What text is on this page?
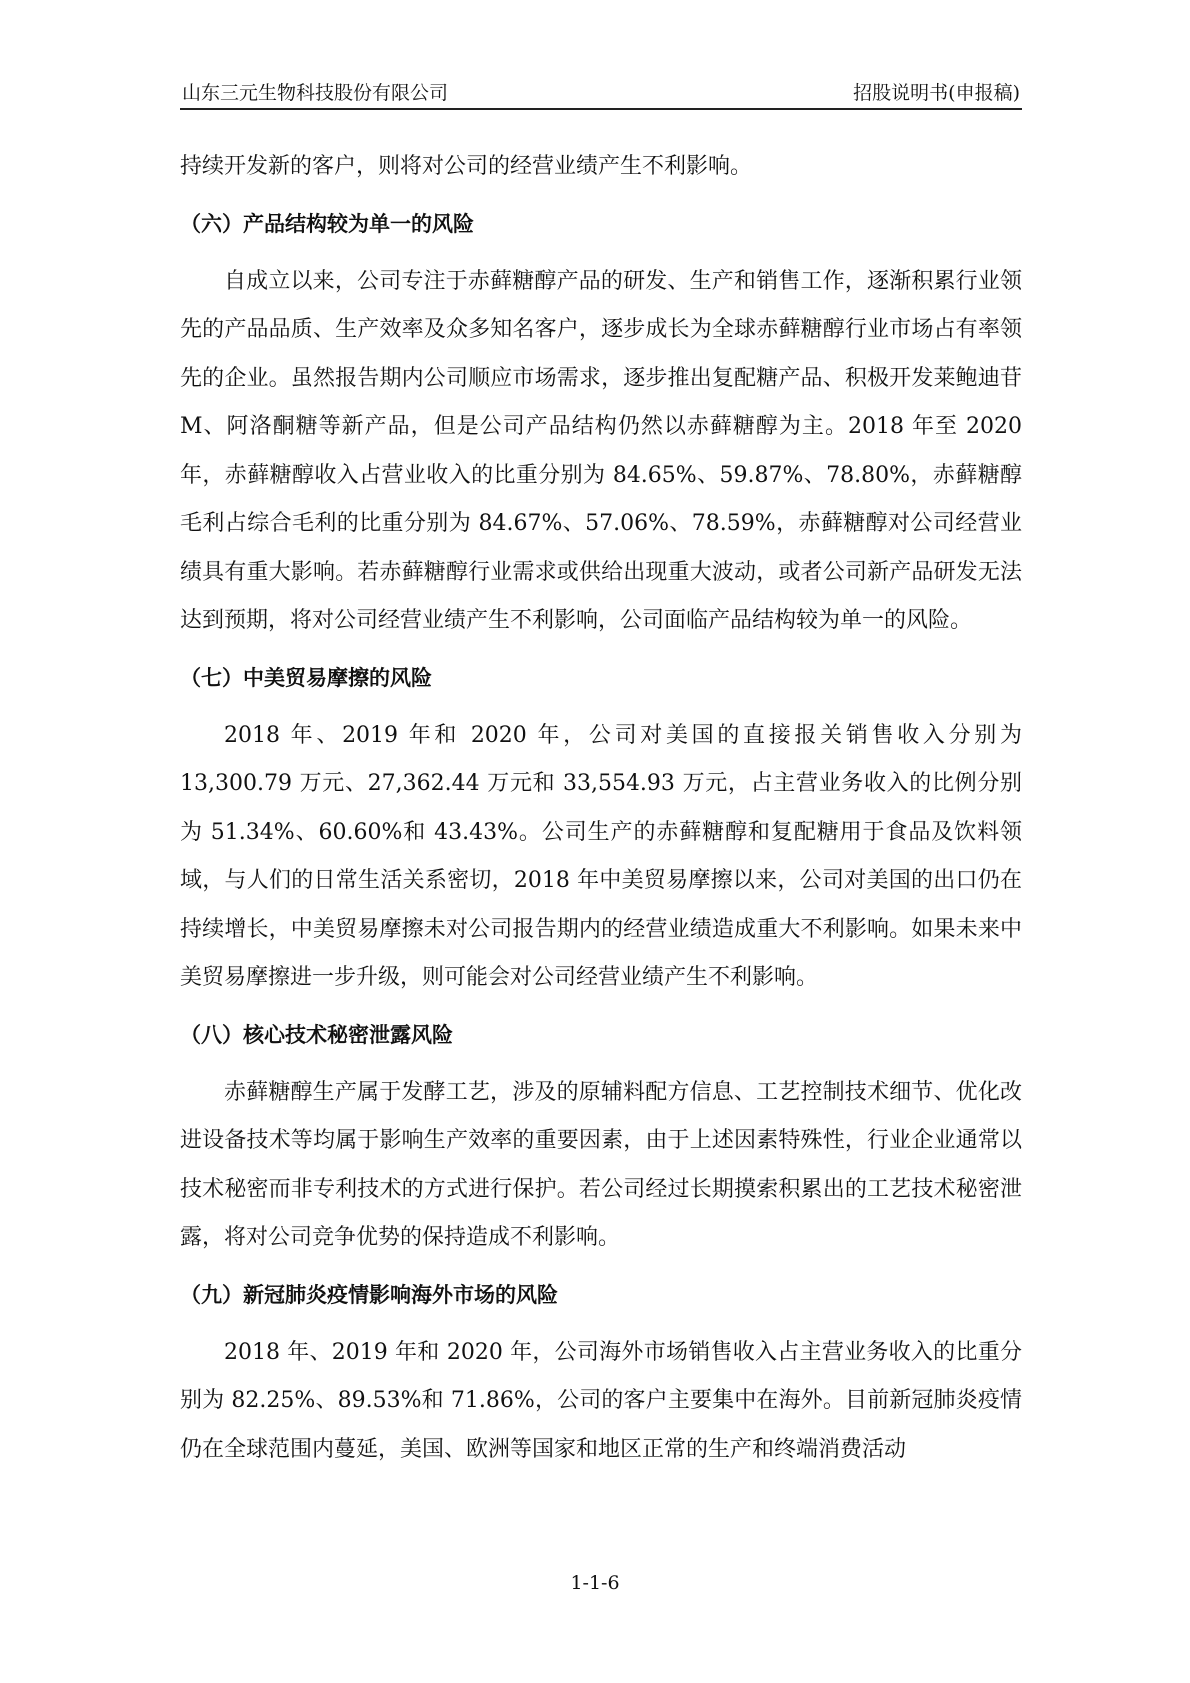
山东三元生物科技股份有限公司	招股说明书(申报稿)

持续开发新的客户，则将对公司的经营业绩产生不利影响。

（六）产品结构较为单一的风险

自成立以来，公司专注于赤藓糖醇产品的研发、生产和销售工作，逐渐积累行业领先的产品品质、生产效率及众多知名客户，逐步成长为全球赤藓糖醇行业市场占有率领先的企业。虽然报告期内公司顺应市场需求，逐步推出复配糖产品、积极开发莱鲍迪苷 M、阿洛酮糖等新产品，但是公司产品结构仍然以赤藓糖醇为主。2018 年至 2020 年，赤藓糖醇收入占营业收入的比重分别为 84.65%、59.87%、78.80%，赤藓糖醇毛利占综合毛利的比重分别为 84.67%、57.06%、78.59%，赤藓糖醇对公司经营业绩具有重大影响。若赤藓糖醇行业需求或供给出现重大波动，或者公司新产品研发无法达到预期，将对公司经营业绩产生不利影响，公司面临产品结构较为单一的风险。

（七）中美贸易摩擦的风险

2018 年、2019 年和 2020 年，公司对美国的直接报关销售收入分别为 13,300.79 万元、27,362.44 万元和 33,554.93 万元，占主营业务收入的比例分别为 51.34%、60.60%和 43.43%。公司生产的赤藓糖醇和复配糖用于食品及饮料领域，与人们的日常生活关系密切，2018 年中美贸易摩擦以来，公司对美国的出口仍在持续增长，中美贸易摩擦未对公司报告期内的经营业绩造成重大不利影响。如果未来中美贸易摩擦进一步升级，则可能会对公司经营业绩产生不利影响。

（八）核心技术秘密泄露风险

赤藓糖醇生产属于发酵工艺，涉及的原辅料配方信息、工艺控制技术细节、优化改进设备技术等均属于影响生产效率的重要因素，由于上述因素特殊性，行业企业通常以技术秘密而非专利技术的方式进行保护。若公司经过长期摸索积累出的工艺技术秘密泄露，将对公司竞争优势的保持造成不利影响。

（九）新冠肺炎疫情影响海外市场的风险

2018 年、2019 年和 2020 年，公司海外市场销售收入占主营业务收入的比重分别为 82.25%、89.53%和 71.86%，公司的客户主要集中在海外。目前新冠肺炎疫情仍在全球范围内蔓延，美国、欧洲等国家和地区正常的生产和终端消费活动

1-1-6
